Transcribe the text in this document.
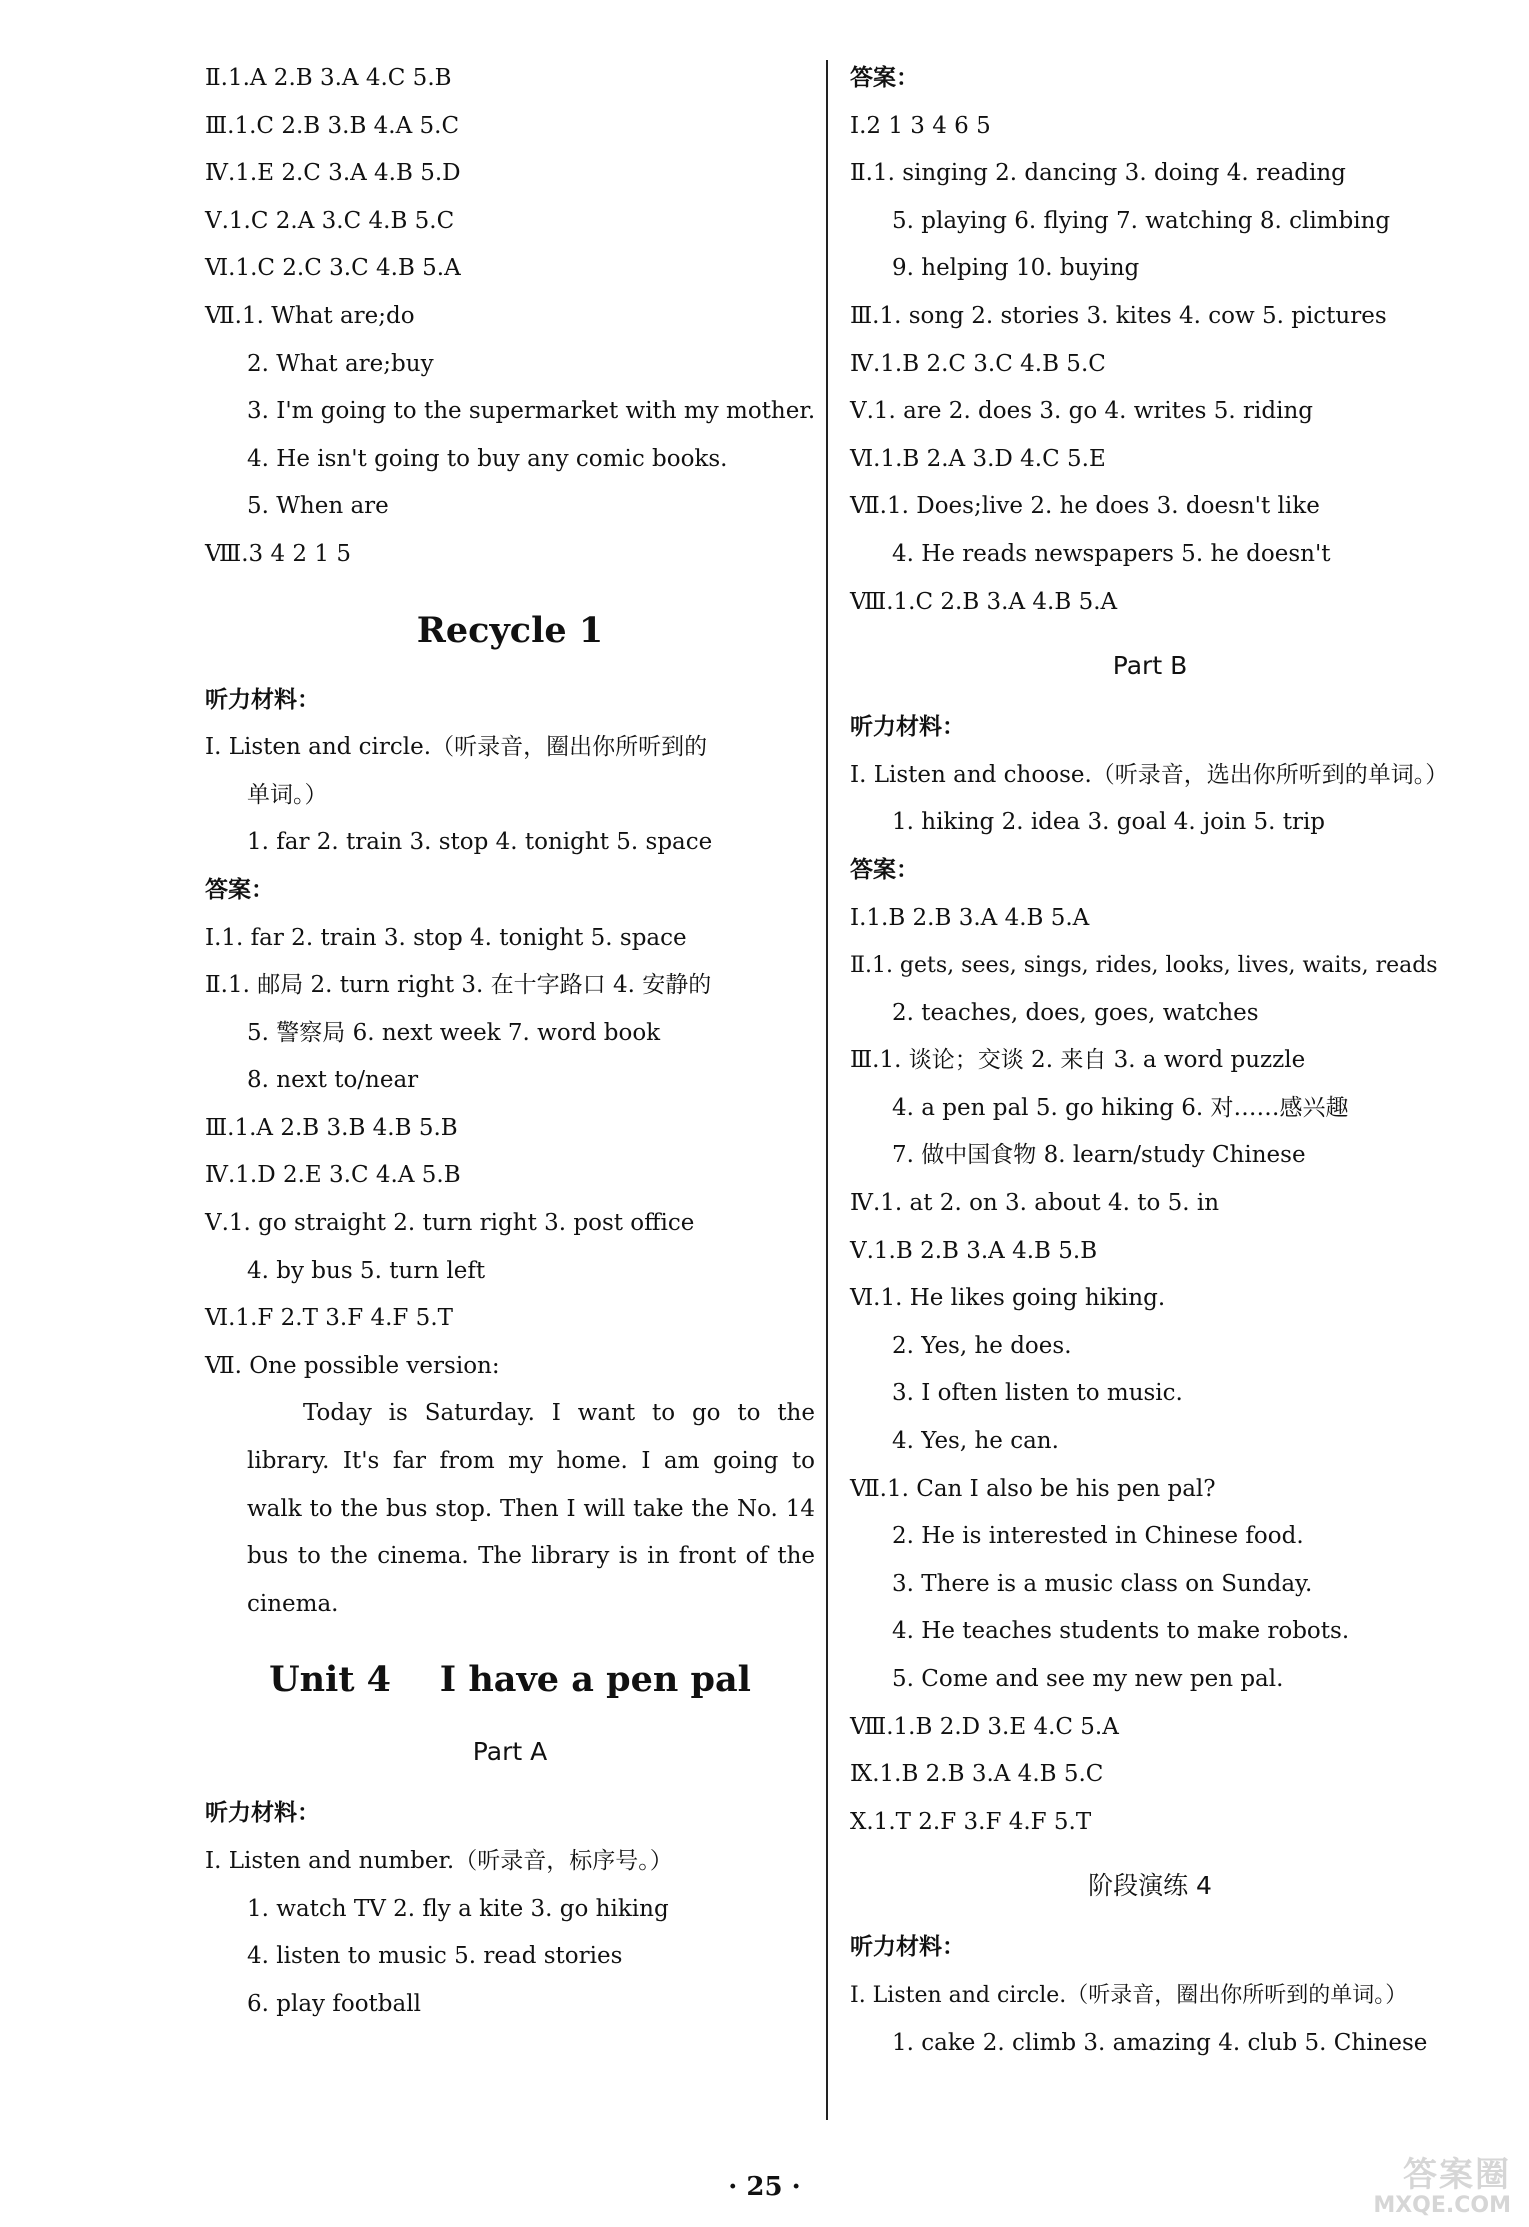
Ⅱ.1.A 2.B 3.A 4.C 5.B
Ⅲ.1.C 2.B 3.B 4.A 5.C
Ⅳ.1.E 2.C 3.A 4.B 5.D
Ⅴ.1.C 2.A 3.C 4.B 5.C
Ⅵ.1.C 2.C 3.C 4.B 5.A
Ⅶ.1. What are;do
2. What are;buy
3. I'm going to the supermarket with my mother.
4. He isn't going to buy any comic books.
5. When are
Ⅷ.3 4 2 1 5
Recycle 1
听力材料：
Ⅰ. Listen and circle.（听录音，圈出你所听到的
单词。）
1. far 2. train 3. stop 4. tonight 5. space
答案：
Ⅰ.1. far 2. train 3. stop 4. tonight 5. space
Ⅱ.1. 邮局 2. turn right 3. 在十字路口 4. 安静的
5. 警察局 6. next week 7. word book
8. next to/near
Ⅲ.1.A 2.B 3.B 4.B 5.B
Ⅳ.1.D 2.E 3.C 4.A 5.B
Ⅴ.1. go straight 2. turn right 3. post office
4. by bus 5. turn left
Ⅵ.1.F 2.T 3.F 4.F 5.T
Ⅶ. One possible version:
Today is Saturday. I want to go to the library. It's far from my home. I am going to walk to the bus stop. Then I will take the No. 14 bus to the cinema. The library is in front of the cinema.
Unit 4    I have a pen pal
Part A
听力材料：
Ⅰ. Listen and number.（听录音，标序号。）
1. watch TV 2. fly a kite 3. go hiking
4. listen to music 5. read stories
6. play football
答案：
Ⅰ.2 1 3 4 6 5
Ⅱ.1. singing 2. dancing 3. doing 4. reading
5. playing 6. flying 7. watching 8. climbing
9. helping 10. buying
Ⅲ.1. song 2. stories 3. kites 4. cow 5. pictures
Ⅳ.1.B 2.C 3.C 4.B 5.C
Ⅴ.1. are 2. does 3. go 4. writes 5. riding
Ⅵ.1.B 2.A 3.D 4.C 5.E
Ⅶ.1. Does;live 2. he does 3. doesn't like
4. He reads newspapers 5. he doesn't
Ⅷ.1.C 2.B 3.A 4.B 5.A
Part B
听力材料：
Ⅰ. Listen and choose.（听录音，选出你所听到的单词。）
1. hiking 2. idea 3. goal 4. join 5. trip
答案：
Ⅰ.1.B 2.B 3.A 4.B 5.A
Ⅱ.1. gets, sees, sings, rides, looks, lives, waits, reads
2. teaches, does, goes, watches
Ⅲ.1. 谈论；交谈 2. 来自 3. a word puzzle
4. a pen pal 5. go hiking 6. 对……感兴趣
7. 做中国食物 8. learn/study Chinese
Ⅳ.1. at 2. on 3. about 4. to 5. in
Ⅴ.1.B 2.B 3.A 4.B 5.B
Ⅵ.1. He likes going hiking.
2. Yes, he does.
3. I often listen to music.
4. Yes, he can.
Ⅶ.1. Can I also be his pen pal?
2. He is interested in Chinese food.
3. There is a music class on Sunday.
4. He teaches students to make robots.
5. Come and see my new pen pal.
Ⅷ.1.B 2.D 3.E 4.C 5.A
Ⅸ.1.B 2.B 3.A 4.B 5.C
Ⅹ.1.T 2.F 3.F 4.F 5.T
阶段演练 4
听力材料：
Ⅰ. Listen and circle.（听录音，圈出你所听到的单词。）
1. cake 2. climb 3. amazing 4. club 5. Chinese
· 25 ·	答案圈
MXQE.COM
